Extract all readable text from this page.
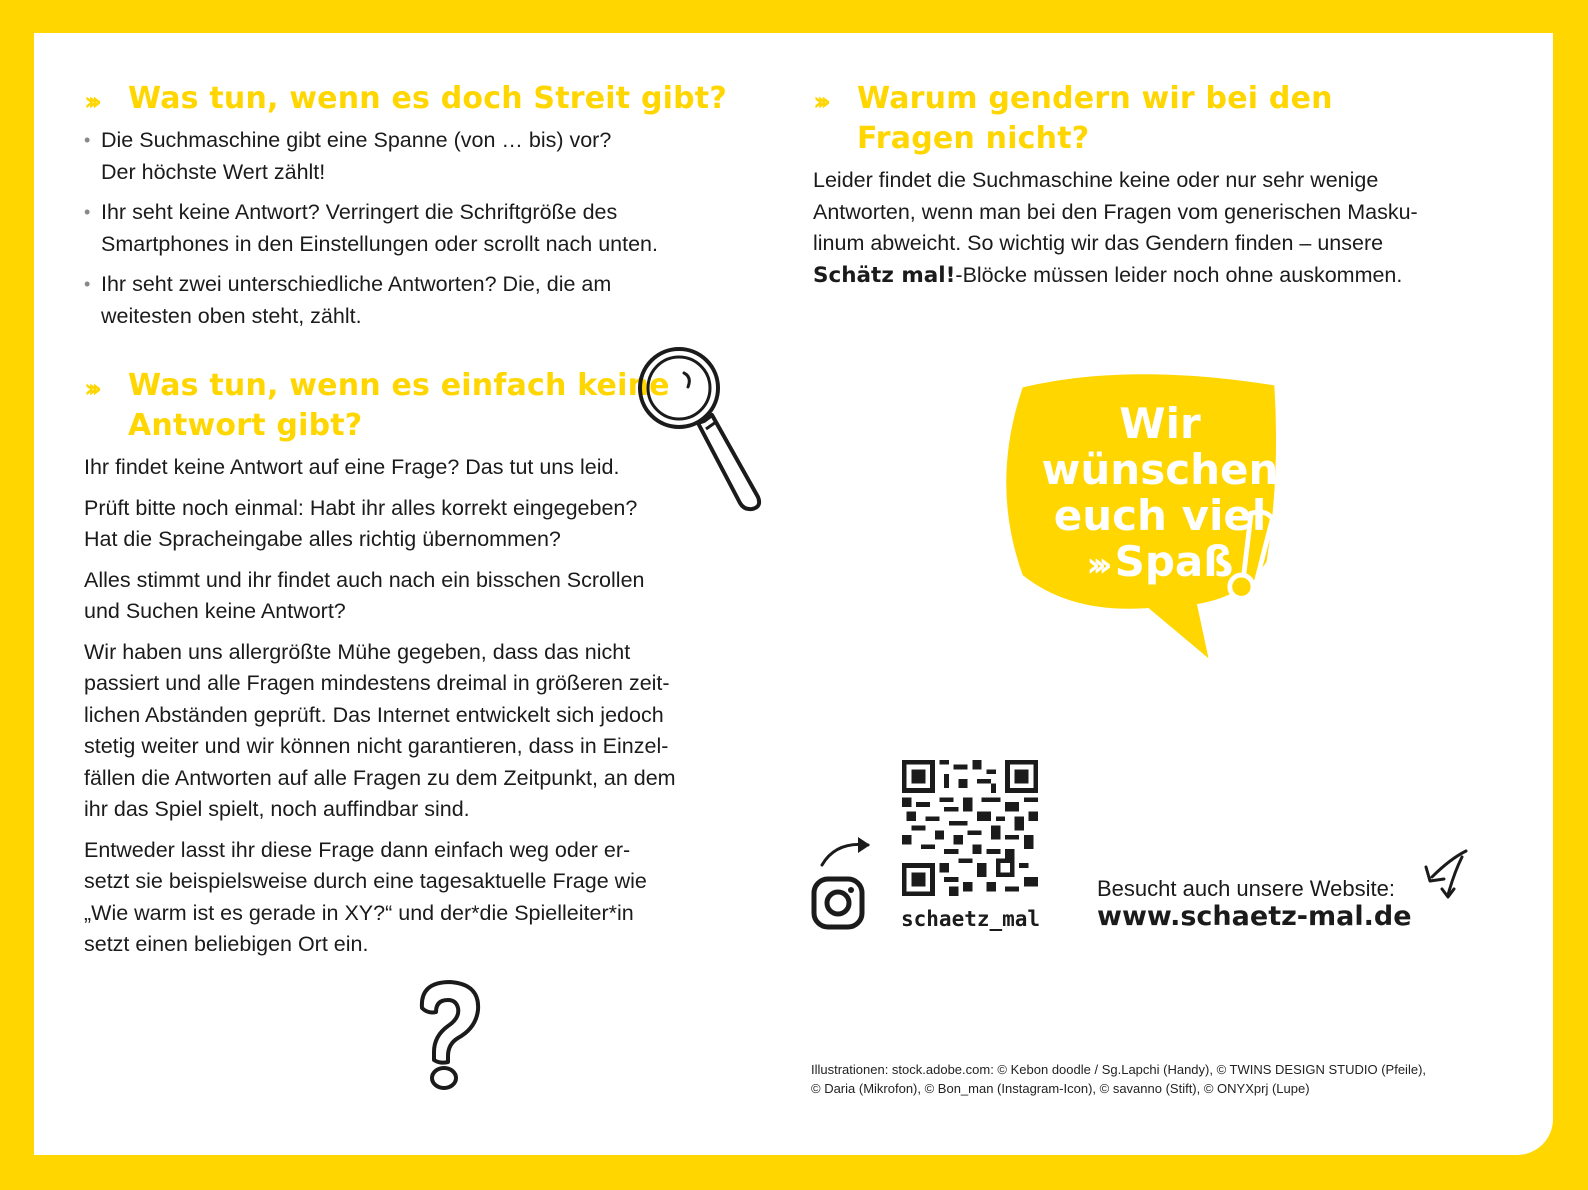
››› Was tun, wenn es doch Streit gibt?
• Die Suchmaschine gibt eine Spanne (von … bis) vor?
Der höchste Wert zählt!
• Ihr seht keine Antwort? Verringert die Schriftgröße des
Smartphones in den Einstellungen oder scrollt nach unten.
• Ihr seht zwei unterschiedliche Antworten? Die, die am
weitesten oben steht, zählt.
››› Was tun, wenn es einfach keine
Antwort gibt?

Ihr findet keine Antwort auf eine Frage? Das tut uns leid.

Prüft bitte noch einmal: Habt ihr alles korrekt eingegeben?
Hat die Spracheingabe alles richtig übernommen?

Alles stimmt und ihr findet auch nach ein bisschen Scrollen
und Suchen keine Antwort?

Wir haben uns allergrößte Mühe gegeben, dass das nicht
passiert und alle Fragen mindestens dreimal in größeren zeit-
lichen Abständen geprüft. Das Internet entwickelt sich jedoch
stetig weiter und wir können nicht garantieren, dass in Einzel-
fällen die Antworten auf alle Fragen zu dem Zeitpunkt, an dem
ihr das Spiel spielt, noch auffindbar sind.

Entweder lasst ihr diese Frage dann einfach weg oder er-
setzt sie beispielsweise durch eine tagesaktuelle Frage wie
„Wie warm ist es gerade in XY?“ und der*die Spielleiter*in
setzt einen beliebigen Ort ein.

››› Warum gendern wir bei den
Fragen nicht?

Leider findet die Suchmaschine keine oder nur sehr wenige
Antworten, wenn man bei den Fragen vom generischen Masku-
linum abweicht. So wichtig wir das Gendern finden – unsere
Schätz mal!-Blöcke müssen leider noch ohne auskommen.

Wir
wünschen
euch viel
››› Spaß
schaetz_mal
Besucht auch unsere Website:
www.schaetz-mal.de
Illustrationen: stock.adobe.com: © Kebon doodle / Sg.Lapchi (Handy), © TWINS DESIGN STUDIO (Pfeile),
© Daria (Mikrofon), © Bon_man (Instagram-Icon), © savanno (Stift), © ONYXprj (Lupe)
